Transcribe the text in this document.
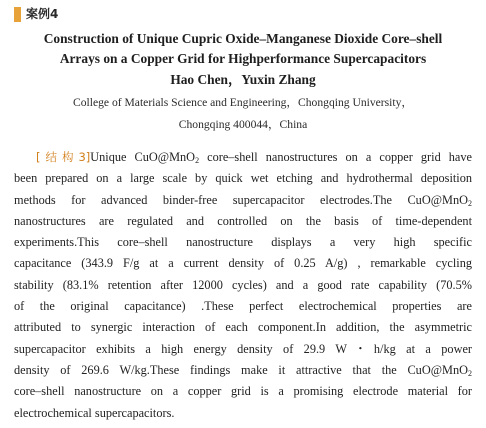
案例4
Construction of Unique Cupric Oxide–Manganese Dioxide Core–shell
Arrays on a Copper Grid for Highperformance Supercapacitors
Hao Chen，Yuxin Zhang
College of Materials Science and Engineering，Chongqing University，
Chongqing 400044，China
[结构3]Unique CuO@MnO$_2$ core–shell nanostructures on a copper grid have
been prepared on a large scale by quick wet etching and hydrothermal deposition
methods for advanced binder-free supercapacitor electrodes.The CuO@MnO$_2$
nanostructures are regulated and controlled on the basis of time-dependent
experiments.This core–shell nanostructure displays a very high specific
capacitance (343.9 F/g at a current density of 0.25 A/g) , remarkable cycling
stability (83.1% retention after 12000 cycles) and a good rate capability (70.5%
of the original capacitance) .These perfect electrochemical properties are
attributed to synergic interaction of each component.In addition, the asymmetric
supercapacitor exhibits a high energy density of 29.9 W・h/kg at a power
density of 269.6 W/kg.These findings make it attractive that the CuO@MnO$_2$
core–shell nanostructure on a copper grid is a promising electrode material for
electrochemical supercapacitors.
